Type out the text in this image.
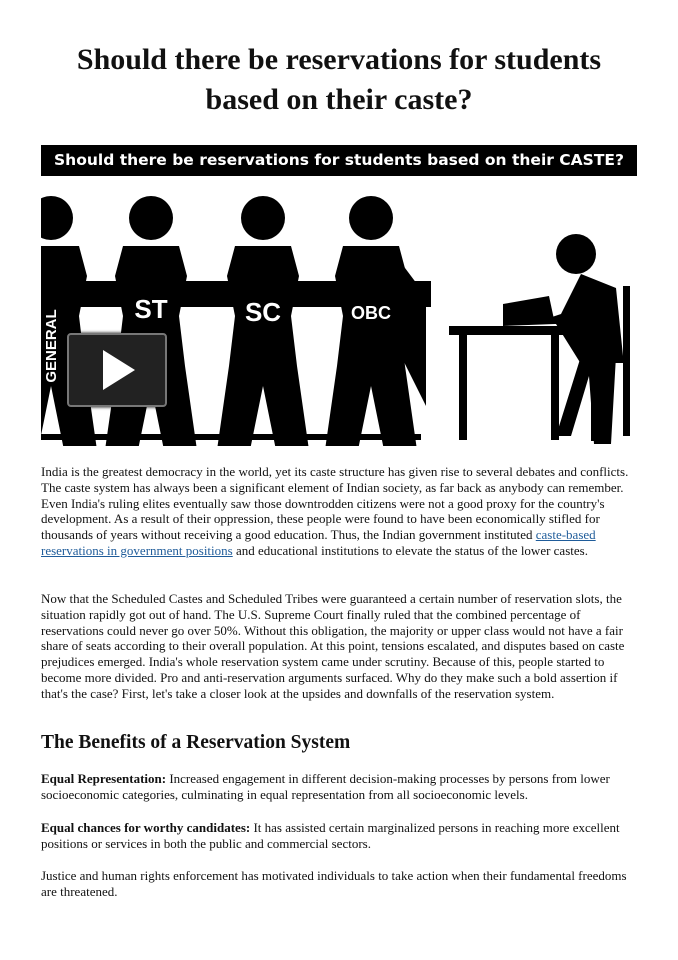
Should there be reservations for students based on their caste?
Should there be reservations for students based on their CASTE?
GENERAL
ST	SC	OBC

India is the greatest democracy in the world, yet its caste structure has given rise to several debates and conflicts. The caste system has always been a significant element of Indian society, as far back as anybody can remember. Even India's ruling elites eventually saw those downtrodden citizens were not a good proxy for the country's development. As a result of their oppression, these people were found to have been economically stifled for thousands of years without receiving a good education. Thus, the Indian government instituted caste-based reservations in government positions and educational institutions to elevate the status of the lower castes.

Now that the Scheduled Castes and Scheduled Tribes were guaranteed a certain number of reservation slots, the situation rapidly got out of hand. The U.S. Supreme Court finally ruled that the combined percentage of reservations could never go over 50%. Without this obligation, the majority or upper class would not have a fair share of seats according to their overall population. At this point, tensions escalated, and disputes based on caste prejudices emerged. India's whole reservation system came under scrutiny. Because of this, people started to become more divided. Pro and anti-reservation arguments surfaced. Why do they make such a bold assertion if that's the case? First, let's take a closer look at the upsides and downfalls of the reservation system.

The Benefits of a Reservation System

Equal Representation: Increased engagement in different decision-making processes by persons from lower socioeconomic categories, culminating in equal representation from all socioeconomic levels.

Equal chances for worthy candidates: It has assisted certain marginalized persons in reaching more excellent positions or services in both the public and commercial sectors.

Justice and human rights enforcement has motivated individuals to take action when their fundamental freedoms are threatened.
